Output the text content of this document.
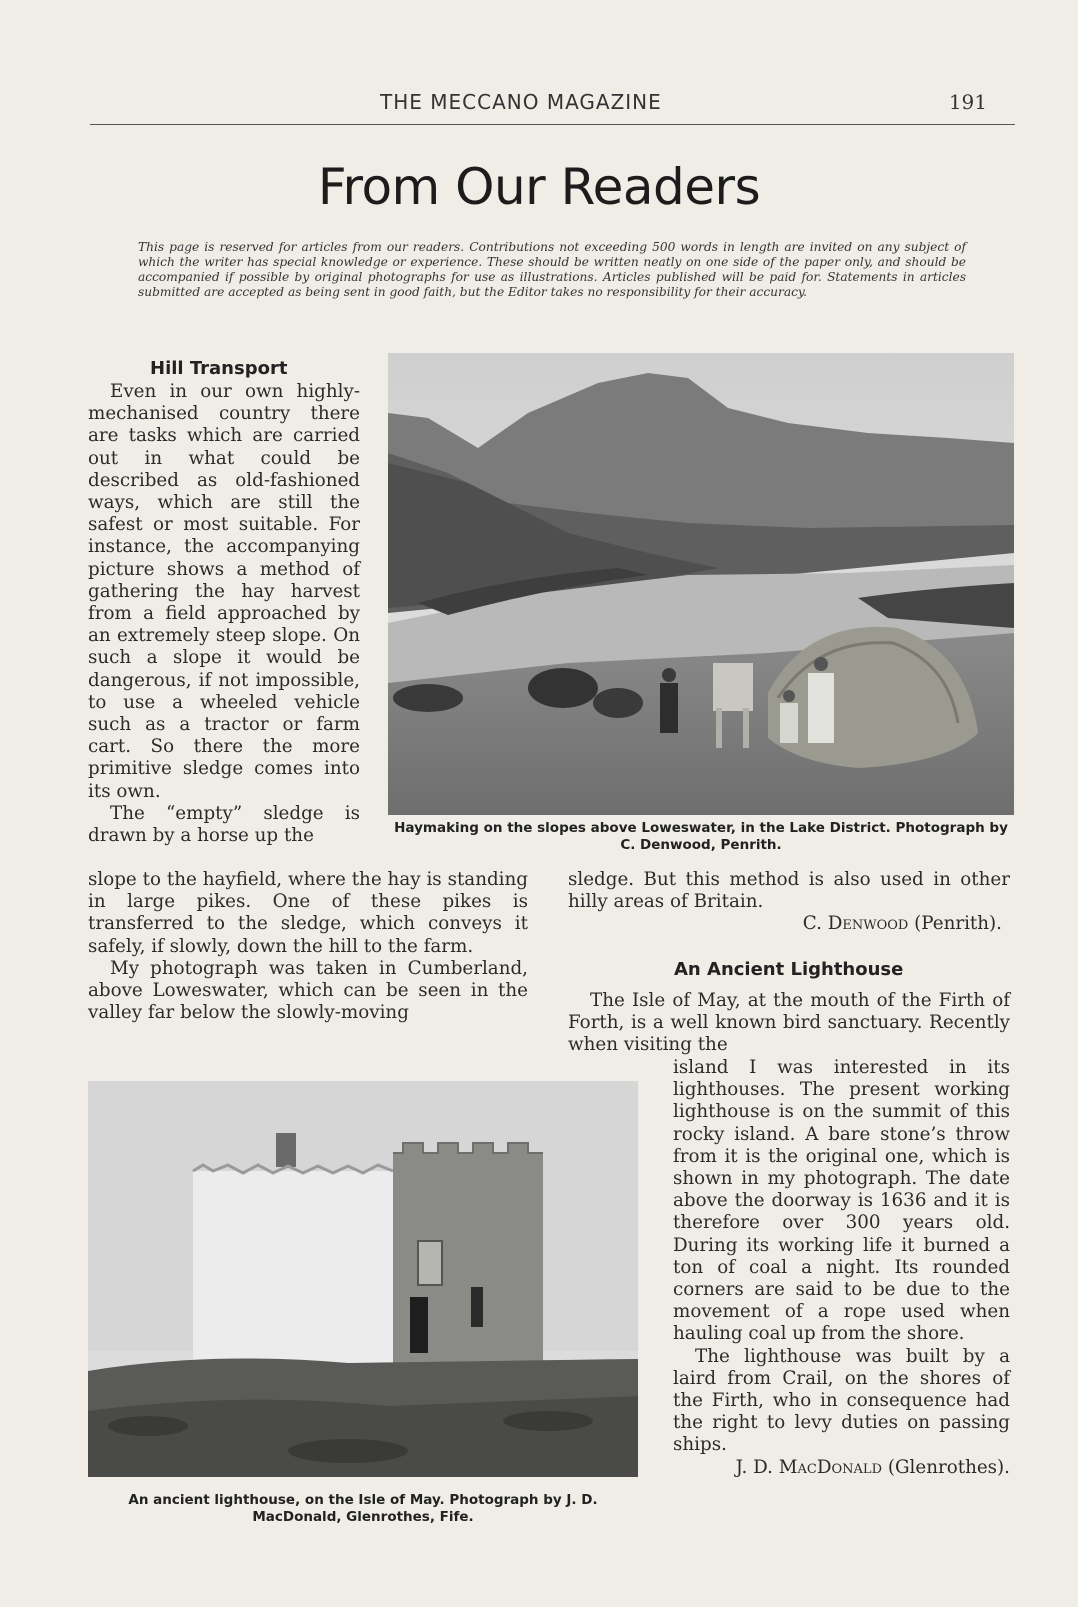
THE MECCANO MAGAZINE	191
From Our Readers
This page is reserved for articles from our readers. Contributions not exceeding 500 words in length are invited on any subject of which the writer has special knowledge or experience. These should be written neatly on one side of the paper only, and should be accompanied if possible by original photographs for use as illustrations. Articles published will be paid for. Statements in articles submitted are accepted as being sent in good faith, but the Editor takes no responsibility for their accuracy.
Hill Transport

Even in our own highly-mechanised country there are tasks which are carried out in what could be described as old-fashioned ways, which are still the safest or most suitable. For instance, the accompanying picture shows a method of gathering the hay harvest from a field approached by an extremely steep slope. On such a slope it would be dangerous, if not impossible, to use a wheeled vehicle such as a tractor or farm cart. So there the more primitive sledge comes into its own.

The “empty” sledge is drawn by a horse up the	Haymaking on the slopes above Loweswater, in the Lake District. Photograph by C. Denwood, Penrith.

slope to the hayfield, where the hay is standing in large pikes. One of these pikes is transferred to the sledge, which conveys it safely, if slowly, down the hill to the farm.

My photograph was taken in Cumberland, above Loweswater, which can be seen in the valley far below the slowly-moving

sledge. But this method is also used in other hilly areas of Britain.

C. Denwood (Penrith).

An Ancient Lighthouse

The Isle of May, at the mouth of the Firth of Forth, is a well known bird sanctuary. Recently when visiting the

island I was interested in its lighthouses. The present working lighthouse is on the summit of this rocky island. A bare stone’s throw from it is the original one, which is shown in my photograph. The date above the doorway is 1636 and it is therefore over 300 years old. During its working life it burned a ton of coal a night. Its rounded corners are said to be due to the movement of a rope used when hauling coal up from the shore.

The lighthouse was built by a laird from Crail, on the shores of the Firth, who in consequence had the right to levy duties on passing ships.

J. D. MacDonald (Glenrothes).

An ancient lighthouse, on the Isle of May. Photograph by J. D. MacDonald, Glenrothes, Fife.
